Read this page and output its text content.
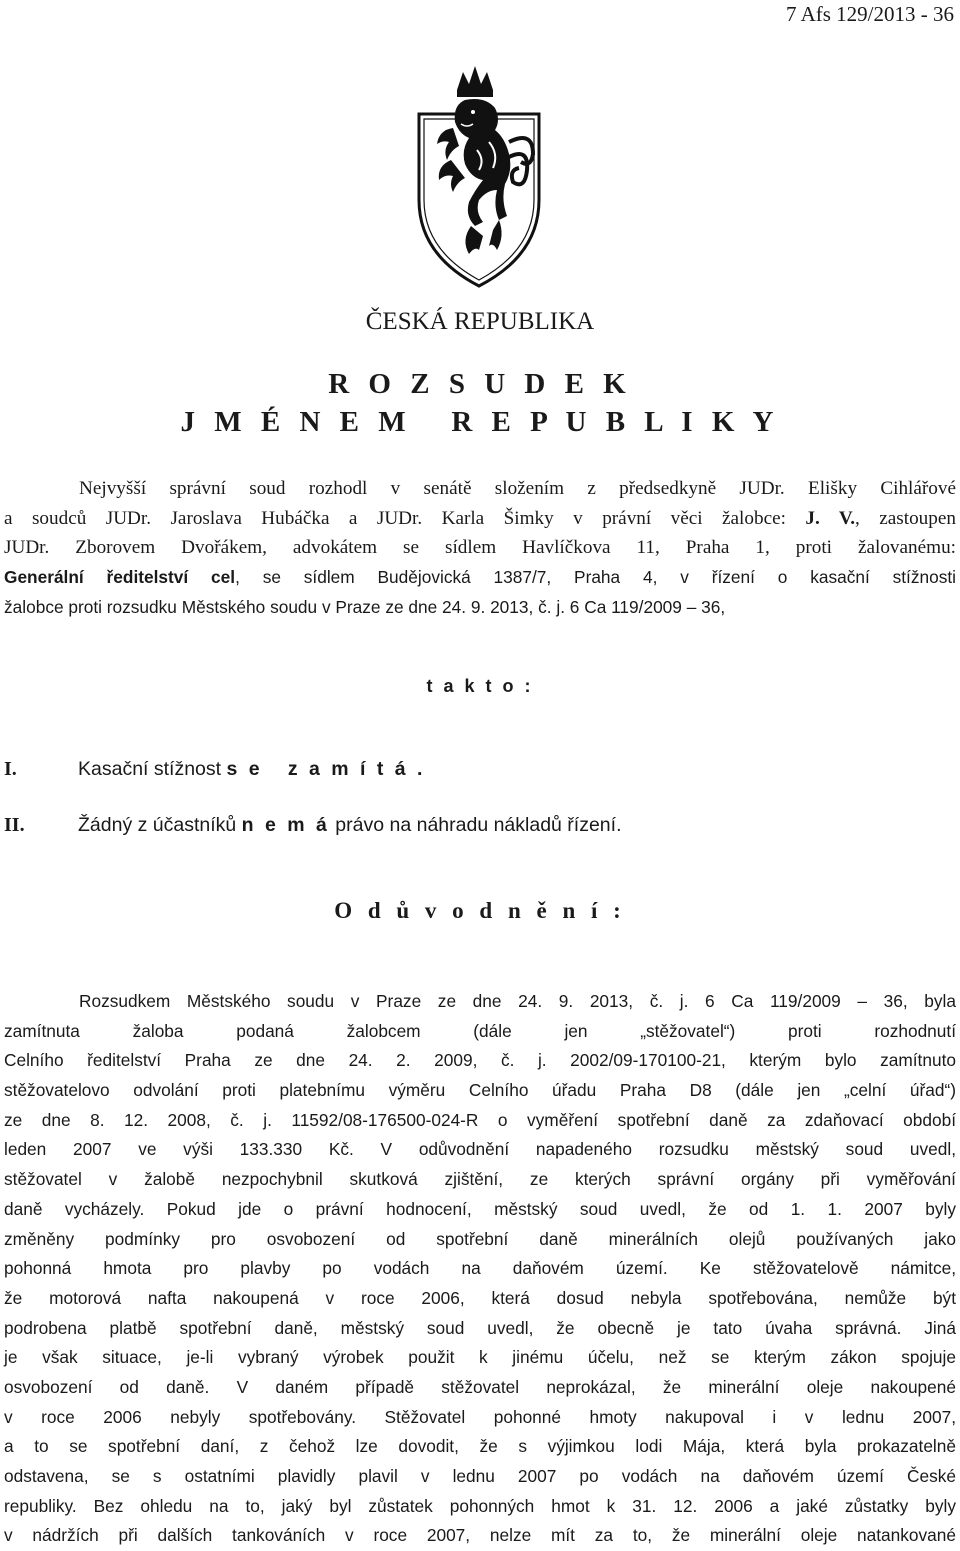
7 Afs 129/2013 - 36
ČESKÁ REPUBLIKA
R O Z S U D E K
J M É N E M   R E P U B L I K Y
Nejvyšší správní soud rozhodl v senátě složením z předsedkyně JUDr. Elišky Cihlářové
a soudců JUDr. Jaroslava Hubáčka a JUDr. Karla Šimky v právní věci žalobce: J. V., zastoupen
JUDr. Zborovem Dvořákem, advokátem se sídlem Havlíčkova 11, Praha 1, proti žalovanému:
Generální ředitelství cel, se sídlem Budějovická 1387/7, Praha 4, v řízení o kasační stížnosti
žalobce proti rozsudku Městského soudu v Praze ze dne 24. 9. 2013, č. j. 6 Ca 119/2009 – 36,
t a k t o :
I.	Kasační stížnost s e   z a m í t á .
II.	Žádný z účastníků n e m á právo na náhradu nákladů řízení.
O d ů v o d n ě n í :
Rozsudkem Městského soudu v Praze ze dne 24. 9. 2013, č. j. 6 Ca 119/2009 – 36, byla
zamítnuta žaloba podaná žalobcem (dále jen „stěžovatel“) proti rozhodnutí
Celního ředitelství Praha ze dne 24. 2. 2009, č. j. 2002/09-170100-21, kterým bylo zamítnuto
stěžovatelovo odvolání proti platebnímu výměru Celního úřadu Praha D8 (dále jen „celní úřad“)
ze dne 8. 12. 2008, č. j. 11592/08-176500-024-R o vyměření spotřební daně za zdaňovací období
leden 2007 ve výši 133.330 Kč. V odůvodnění napadeného rozsudku městský soud uvedl,
stěžovatel v žalobě nezpochybnil skutková zjištění, ze kterých správní orgány při vyměřování
daně vycházely. Pokud jde o právní hodnocení, městský soud uvedl, že od 1. 1. 2007 byly
změněny podmínky pro osvobození od spotřební daně minerálních olejů používaných jako
pohonná hmota pro plavby po vodách na daňovém území. Ke stěžovatelově námitce,
že motorová nafta nakoupená v roce 2006, která dosud nebyla spotřebována, nemůže být
podrobena platbě spotřební daně, městský soud uvedl, že obecně je tato úvaha správná. Jiná
je však situace, je-li vybraný výrobek použit k jinému účelu, než se kterým zákon spojuje
osvobození od daně. V daném případě stěžovatel neprokázal, že minerální oleje nakoupené
v roce 2006 nebyly spotřebovány. Stěžovatel pohonné hmoty nakupoval i v lednu 2007,
a to se spotřební daní, z čehož lze dovodit, že s výjimkou lodi Mája, která byla prokazatelně
odstavena, se s ostatními plavidly plavil v lednu 2007 po vodách na daňovém území České
republiky. Bez ohledu na to, jaký byl zůstatek pohonných hmot k 31. 12. 2006 a jaké zůstatky byly
v nádržích při dalších tankováních v roce 2007, nelze mít za to, že minerální oleje natankované
